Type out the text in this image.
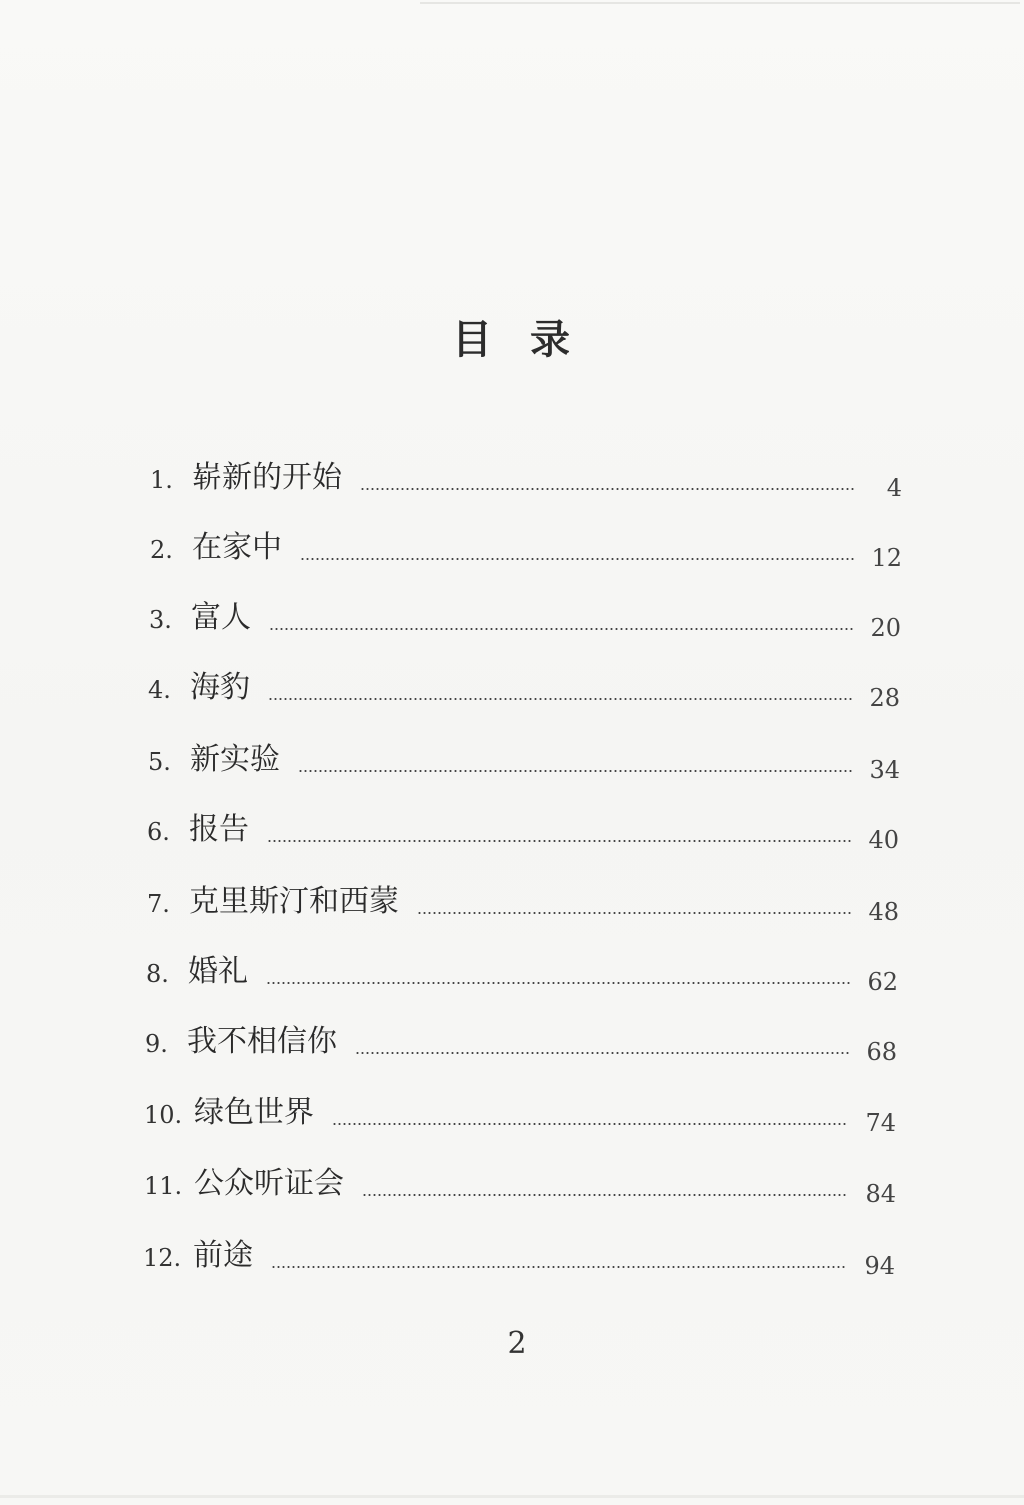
目 录
1. 崭新的开始	4
2. 在家中	12
3. 富人	20
4. 海豹	28
5. 新实验	34
6. 报告	40
7. 克里斯汀和西蒙	48
8. 婚礼	62
9. 我不相信你	68
10. 绿色世界	74
11. 公众听证会	84
12. 前途	94
2
